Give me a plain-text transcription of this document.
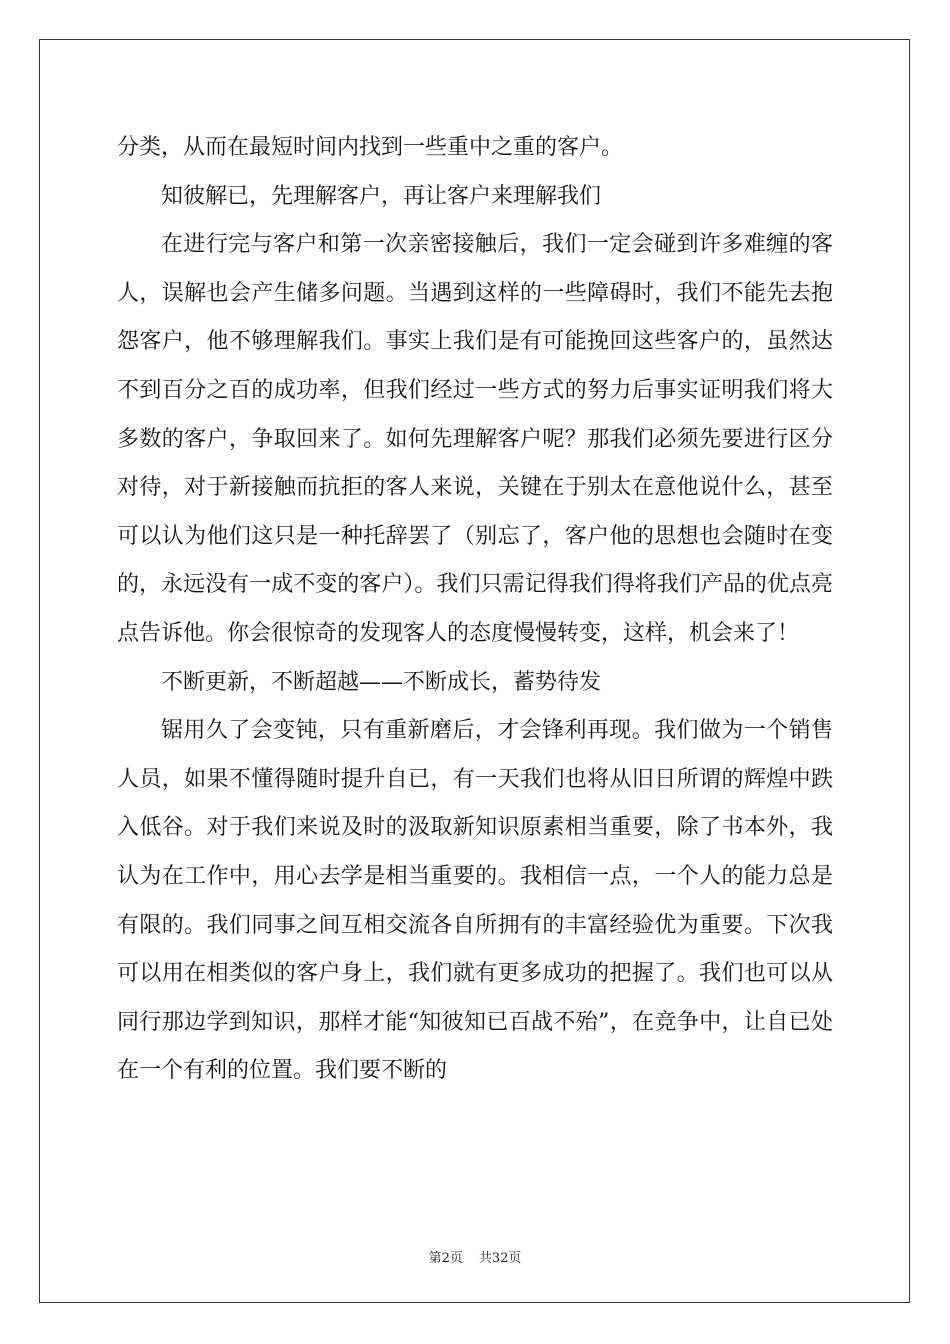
分类，从而在最短时间内找到一些重中之重的客户。

知彼解已，先理解客户，再让客户来理解我们

在进行完与客户和第一次亲密接触后，我们一定会碰到许多难缠的客人，误解也会产生储多问题。当遇到这样的一些障碍时，我们不能先去抱怨客户，他不够理解我们。事实上我们是有可能挽回这些客户的，虽然达不到百分之百的成功率，但我们经过一些方式的努力后事实证明我们将大多数的客户，争取回来了。如何先理解客户呢？那我们必须先要进行区分对待，对于新接触而抗拒的客人来说，关键在于别太在意他说什么，甚至可以认为他们这只是一种托辞罢了（别忘了，客户他的思想也会随时在变的，永远没有一成不变的客户）。我们只需记得我们得将我们产品的优点亮点告诉他。你会很惊奇的发现客人的态度慢慢转变，这样，机会来了！

不断更新，不断超越——不断成长，蓄势待发

锯用久了会变钝，只有重新磨后，才会锋利再现。我们做为一个销售人员，如果不懂得随时提升自已，有一天我们也将从旧日所谓的辉煌中跌入低谷。对于我们来说及时的汲取新知识原素相当重要，除了书本外，我认为在工作中，用心去学是相当重要的。我相信一点，一个人的能力总是有限的。我们同事之间互相交流各自所拥有的丰富经验优为重要。下次我可以用在相类似的客户身上，我们就有更多成功的把握了。我们也可以从同行那边学到知识，那样才能“知彼知已百战不殆”，在竞争中，让自已处在一个有利的位置。我们要不断的

第2页 共32页
